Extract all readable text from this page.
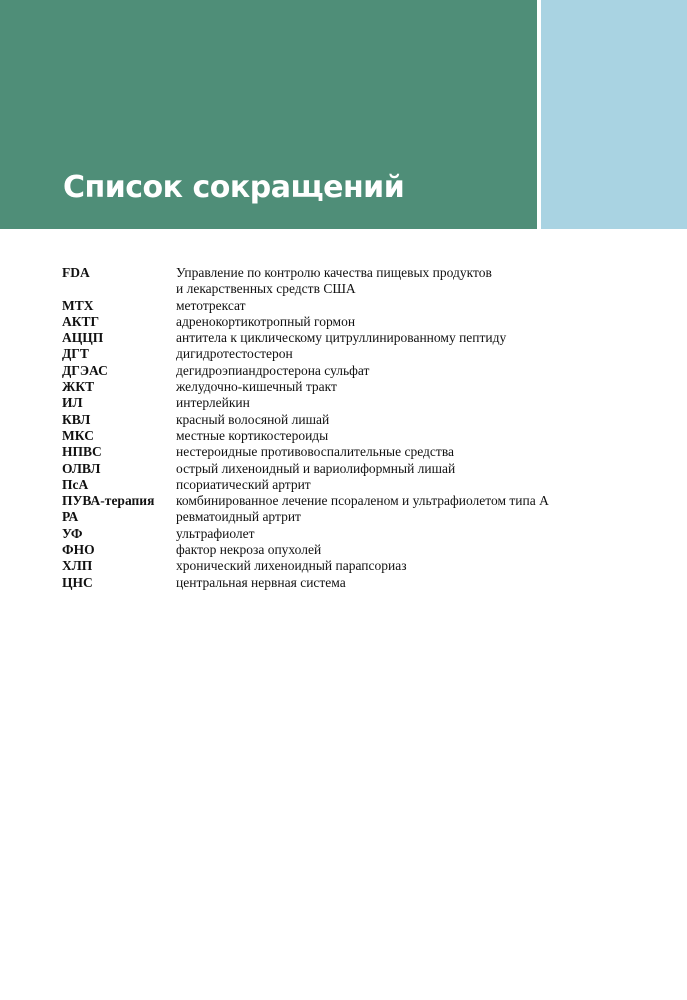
Список сокращений
FDA	Управление по контролю качества пищевых продуктов
и лекарственных средств США
МТХ	метотрексат
АКТГ	адренокортикотропный гормон
АЦЦП	антитела к циклическому цитруллинированному пептиду
ДГТ	дигидротестостерон
ДГЭАС	дегидроэпиандростерона сульфат
ЖКТ	желудочно-кишечный тракт
ИЛ	интерлейкин
КВЛ	красный волосяной лишай
МКС	местные кортикостероиды
НПВС	нестероидные противовоспалительные средства
ОЛВЛ	острый лихеноидный и вариолиформный лишай
ПсА	псориатический артрит
ПУВА-терапия	комбинированное лечение псораленом и ультрафиолетом типа А
РА	ревматоидный артрит
УФ	ультрафиолет
ФНО	фактор некроза опухолей
ХЛП	хронический лихеноидный парапсориаз
ЦНС	центральная нервная система
